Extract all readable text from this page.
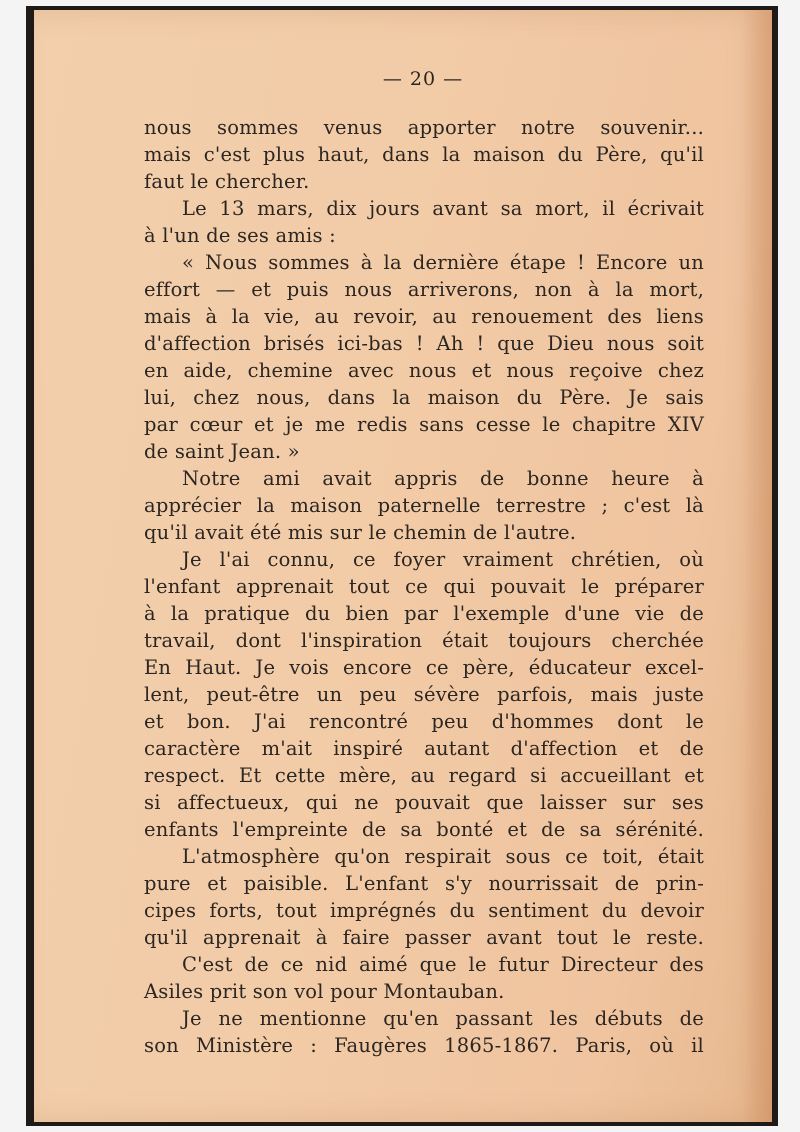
— 20 —
nous sommes venus apporter notre souvenir...
mais c'est plus haut, dans la maison du Père, qu'il
faut le chercher.
Le 13 mars, dix jours avant sa mort, il écrivait
à l'un de ses amis :
« Nous sommes à la dernière étape ! Encore un
effort — et puis nous arriverons, non à la mort,
mais à la vie, au revoir, au renouement des liens
d'affection brisés ici-bas ! Ah ! que Dieu nous soit
en aide, chemine avec nous et nous reçoive chez
lui, chez nous, dans la maison du Père. Je sais
par cœur et je me redis sans cesse le chapitre XIV
de saint Jean. »
Notre ami avait appris de bonne heure à
apprécier la maison paternelle terrestre ; c'est là
qu'il avait été mis sur le chemin de l'autre.
Je l'ai connu, ce foyer vraiment chrétien, où
l'enfant apprenait tout ce qui pouvait le préparer
à la pratique du bien par l'exemple d'une vie de
travail, dont l'inspiration était toujours cherchée
En Haut. Je vois encore ce père, éducateur excel-
lent, peut-être un peu sévère parfois, mais juste
et bon. J'ai rencontré peu d'hommes dont le
caractère m'ait inspiré autant d'affection et de
respect. Et cette mère, au regard si accueillant et
si affectueux, qui ne pouvait que laisser sur ses
enfants l'empreinte de sa bonté et de sa sérénité.
L'atmosphère qu'on respirait sous ce toit, était
pure et paisible. L'enfant s'y nourrissait de prin-
cipes forts, tout imprégnés du sentiment du devoir
qu'il apprenait à faire passer avant tout le reste.
C'est de ce nid aimé que le futur Directeur des
Asiles prit son vol pour Montauban.
Je ne mentionne qu'en passant les débuts de
son Ministère : Faugères 1865-1867. Paris, où il
